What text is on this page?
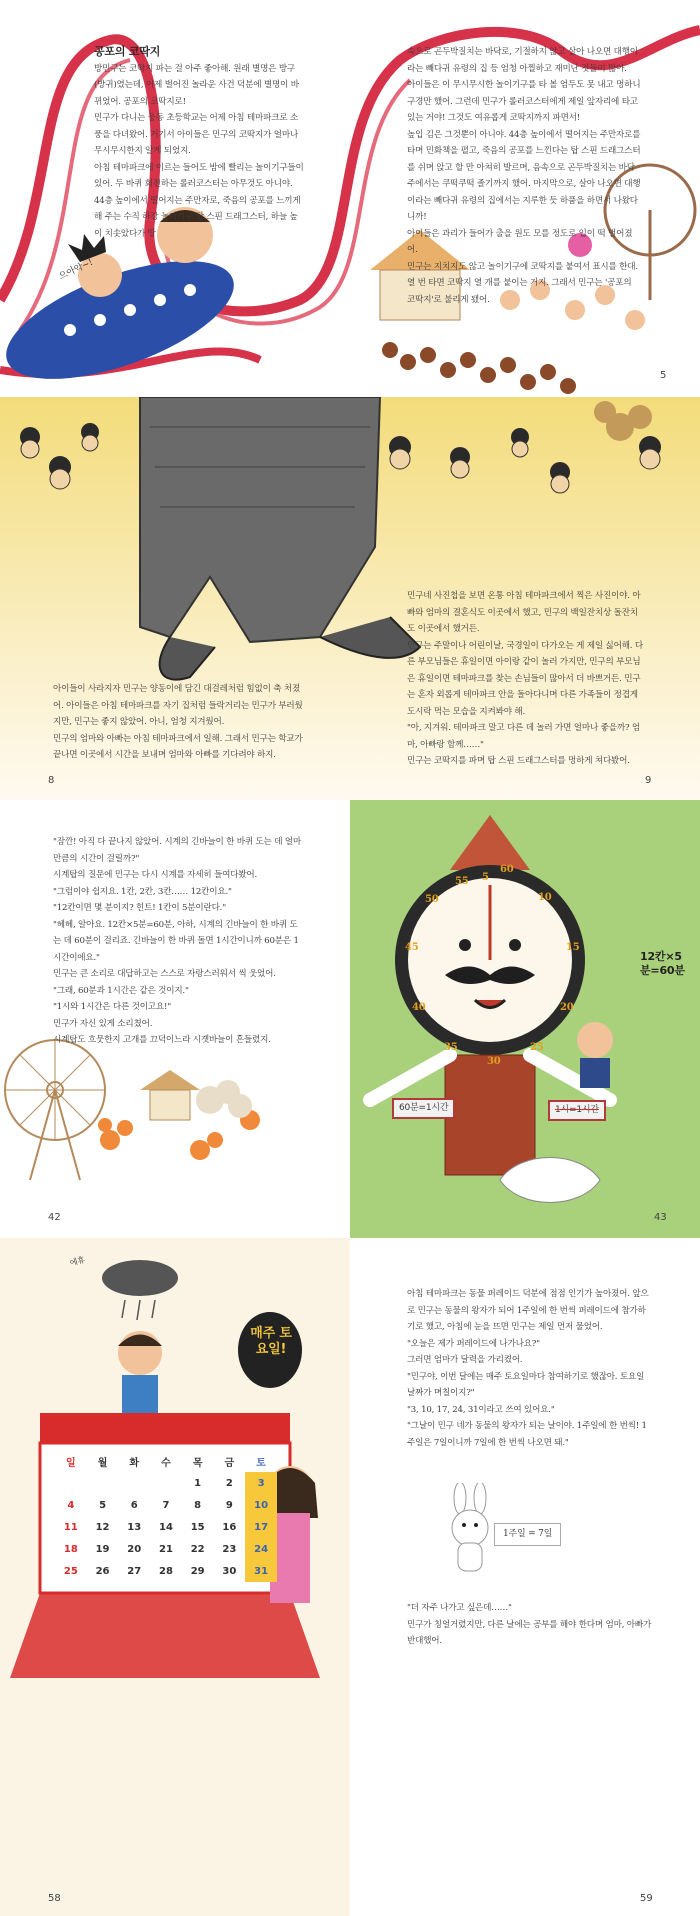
공포의 코딱지

방민구는 코딱지 파는 걸 아주 좋아해. 원래 별명은 방구(방귀)였는데, 어제 벌어진 놀라운 사건 덕분에 별명이 바뀌었어. 공포의 코딱지로!

민구가 다니는 웅동 초등학교는 어제 아침 테마파크로 소풍을 다녀왔어. 거기서 아이들은 민구의 코딱지가 얼마나 무시무시한지 알게 되었지.

아침 테마파크에 이르는 들어도 밤에 빨리는 놀이기구들이 있어. 두 바퀴 회전하는 롤러코스터는 아무것도 아니야. 44층 높이에서 떨어지는 주만자로, 죽음의 공포를 느끼게 해 주는 수직 하강 놀이기구 탑 스핀 드래그스터, 하늘 높이 치솟았다가 땅

속으로 곤두박질치는 바닥로, 기절하지 않고 살아 나오면 대행이라는 빼다귀 유령의 집 등 엄청 아찔하고 재미난 것들이 많아.

아이들은 이 무시무시한 놀이기구를 타 볼 엄두도 못 내고 멍하니 구경만 했어. 그런데 민구가 롤러코스터에게 제일 앞자리에 타고 있는 거야! 그것도 여유롭게 코딱지까지 파면서!

높입 김은 그것뿐이 아니야. 44층 높이에서 떨어지는 주만자로를 타며 민화책을 펼고, 죽음의 공포를 느낀다는 탑 스핀 드래그스터를 쉬며 앉고 할 만 아쳐히 발르며, 음속으로 곤두박질치는 바닥주에서는 쿠떡쿠떡 졸기까지 했어. 마지막으로, 살아 나오면 대행이라는 빼다귀 유령의 집에서는 지루한 듯 하품을 하면서 나왔다니까!

아이들은 과리가 들어가 출을 원도 모를 정도로 입이 떡 벌어졌어.

민구는 지치지도 않고 놀이기구에 코딱지를 붙여서 표시를 한대. 열 번 타면 코딱지 열 개를 붙이는 거지. 그래서 민구는 '공포의 코딱지'로 불리게 됐어.

으아악~!
5

아이들이 사라지자 민구는 양동이에 담긴 대걸레처럼 힘없이 축 처졌어. 아이들은 아침 테마파크를 자기 집처럼 들락거리는 민구가 부러웠지만, 민구는 좋지 않았어. 아니, 엄청 지겨웠어.

민구의 엄마와 아빠는 아침 테마파크에서 일해. 그래서 민구는 학교가 끝나면 이곳에서 시간을 보내며 엄마와 아빠를 기다려야 하지.

민구네 사진첩을 보면 온통 아침 테마파크에서 찍은 사진이야. 아빠와 엄마의 결혼식도 이곳에서 했고, 민구의 백일잔치상 돌잔치도 이곳에서 했거든.

민구는 주말이나 어린이날, 국경일이 다가오는 게 제일 싫어해. 다른 부모님들은 휴일이면 아이랑 같이 놀러 가지만, 민구의 부모님은 휴일이면 테마파크를 찾는 손님들이 많아서 더 바쁘거든. 민구는 혼자 외롭게 테마파크 안을 돌아다니며 다른 가족들이 정겹게 도시락 먹는 모습을 지켜봐야 해.

"아, 지겨워. 테마파크 말고 다른 데 놀러 가면 얼마나 좋을까? 엄마, 아빠랑 함께……"

민구는 코딱지를 파며 탑 스핀 드래그스터를 멍하게 쳐다봤어.

8	9

"잠깐! 아직 다 끝나지 않았어. 시계의 긴바늘이 한 바퀴 도는 데 얼마만큼의 시간이 걸릴까?"

시계탑의 질문에 민구는 다시 시계를 자세히 들여다봤어.

"그럼이야 쉽지요. 1칸, 2칸, 3칸…… 12칸이요."

"12칸이면 몇 분이지? 힌트! 1칸이 5분이란다."

"헤헤, 알아요. 12칸×5분=60분, 아하, 시계의 긴바늘이 한 바퀴 도는 데 60분이 걸리죠. 긴바늘이 한 바퀴 돌면 1시간이니까 60분은 1시간이에요."

민구는 큰 소리로 대답하고는 스스로 자랑스러워서 씩 웃었어.

"그래, 60분과 1시간은 같은 것이지."

"1시와 1시간은 다른 것이고요!"

민구가 자신 있게 소리쳤어.

시계탑도 흐뭇한지 고개를 끄덕이느라 시곗바늘이 흔들렸지.

5
10
15
20
25
30
35
40
45
50
55
60
12칸×5분=60분
60분=1시간	1시=1시간
42	43
에휴
매주 토요일!
일	월	화	수	목	금	토
				1	2	3
4	5	6	7	8	9	10
11	12	13	14	15	16	17
18	19	20	21	22	23	24
25	26	27	28	29	30	31

아침 테마파크는 동물 퍼레이드 덕분에 점점 인기가 높아졌어. 앞으로 민구는 동물의 왕자가 되어 1주일에 한 번씩 퍼레이드에 참가하기로 했고, 아침에 눈을 뜨면 민구는 제일 먼저 물었어.

"오늘은 제가 퍼레이드에 나가나요?"

그러면 엄마가 달력을 가리켰어.

"민구야, 이번 달에는 매주 토요일마다 참여하기로 했잖아. 토요일 날짜가 며칠이지?"

"3, 10, 17, 24, 31이라고 쓰여 있어요."

"그날이 민구 네가 동물의 왕자가 되는 날이야. 1주일에 한 번씩! 1주일은 7일이니까 7일에 한 번씩 나오면 돼."

1주일 = 7일

"더 자주 나가고 싶은데……"

민구가 칭얼거렸지만, 다른 날에는 공부를 해야 한다며 엄마, 아빠가 반대했어.

58	59
